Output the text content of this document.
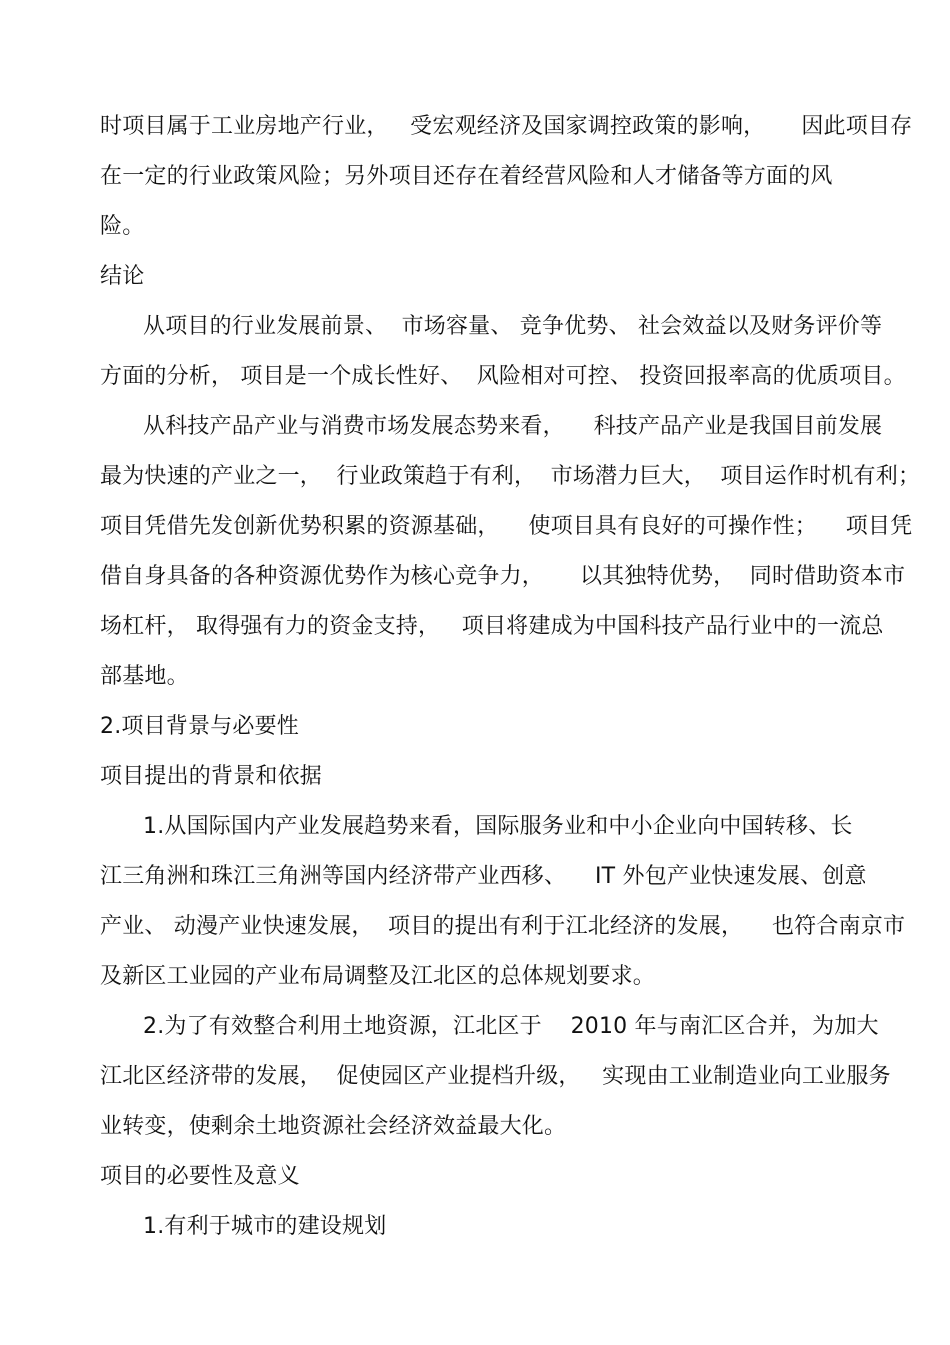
时项目属于工业房地产行业，   受宏观经济及国家调控政策的影响，     因此项目存
在一定的行业政策风险；另外项目还存在着经营风险和人才储备等方面的风
险。
结论
从项目的行业发展前景、  市场容量、 竞争优势、 社会效益以及财务评价等
方面的分析， 项目是一个成长性好、  风险相对可控、 投资回报率高的优质项目。
从科技产品产业与消费市场发展态势来看，    科技产品产业是我国目前发展
最为快速的产业之一，  行业政策趋于有利，  市场潜力巨大，  项目运作时机有利；
项目凭借先发创新优势积累的资源基础，    使项目具有良好的可操作性；    项目凭
借自身具备的各种资源优势作为核心竞争力，     以其独特优势，  同时借助资本市
场杠杆， 取得强有力的资金支持，   项目将建成为中国科技产品行业中的一流总
部基地。
2.项目背景与必要性
项目提出的背景和依据
1.从国际国内产业发展趋势来看，国际服务业和中小企业向中国转移、长
江三角洲和珠江三角洲等国内经济带产业西移、    IT 外包产业快速发展、创意
产业、 动漫产业快速发展，  项目的提出有利于江北经济的发展，    也符合南京市
及新区工业园的产业布局调整及江北区的总体规划要求。
2.为了有效整合利用土地资源，江北区于    2010 年与南汇区合并，为加大
江北区经济带的发展，  促使园区产业提档升级，   实现由工业制造业向工业服务
业转变，使剩余土地资源社会经济效益最大化。
项目的必要性及意义
1.有利于城市的建设规划
